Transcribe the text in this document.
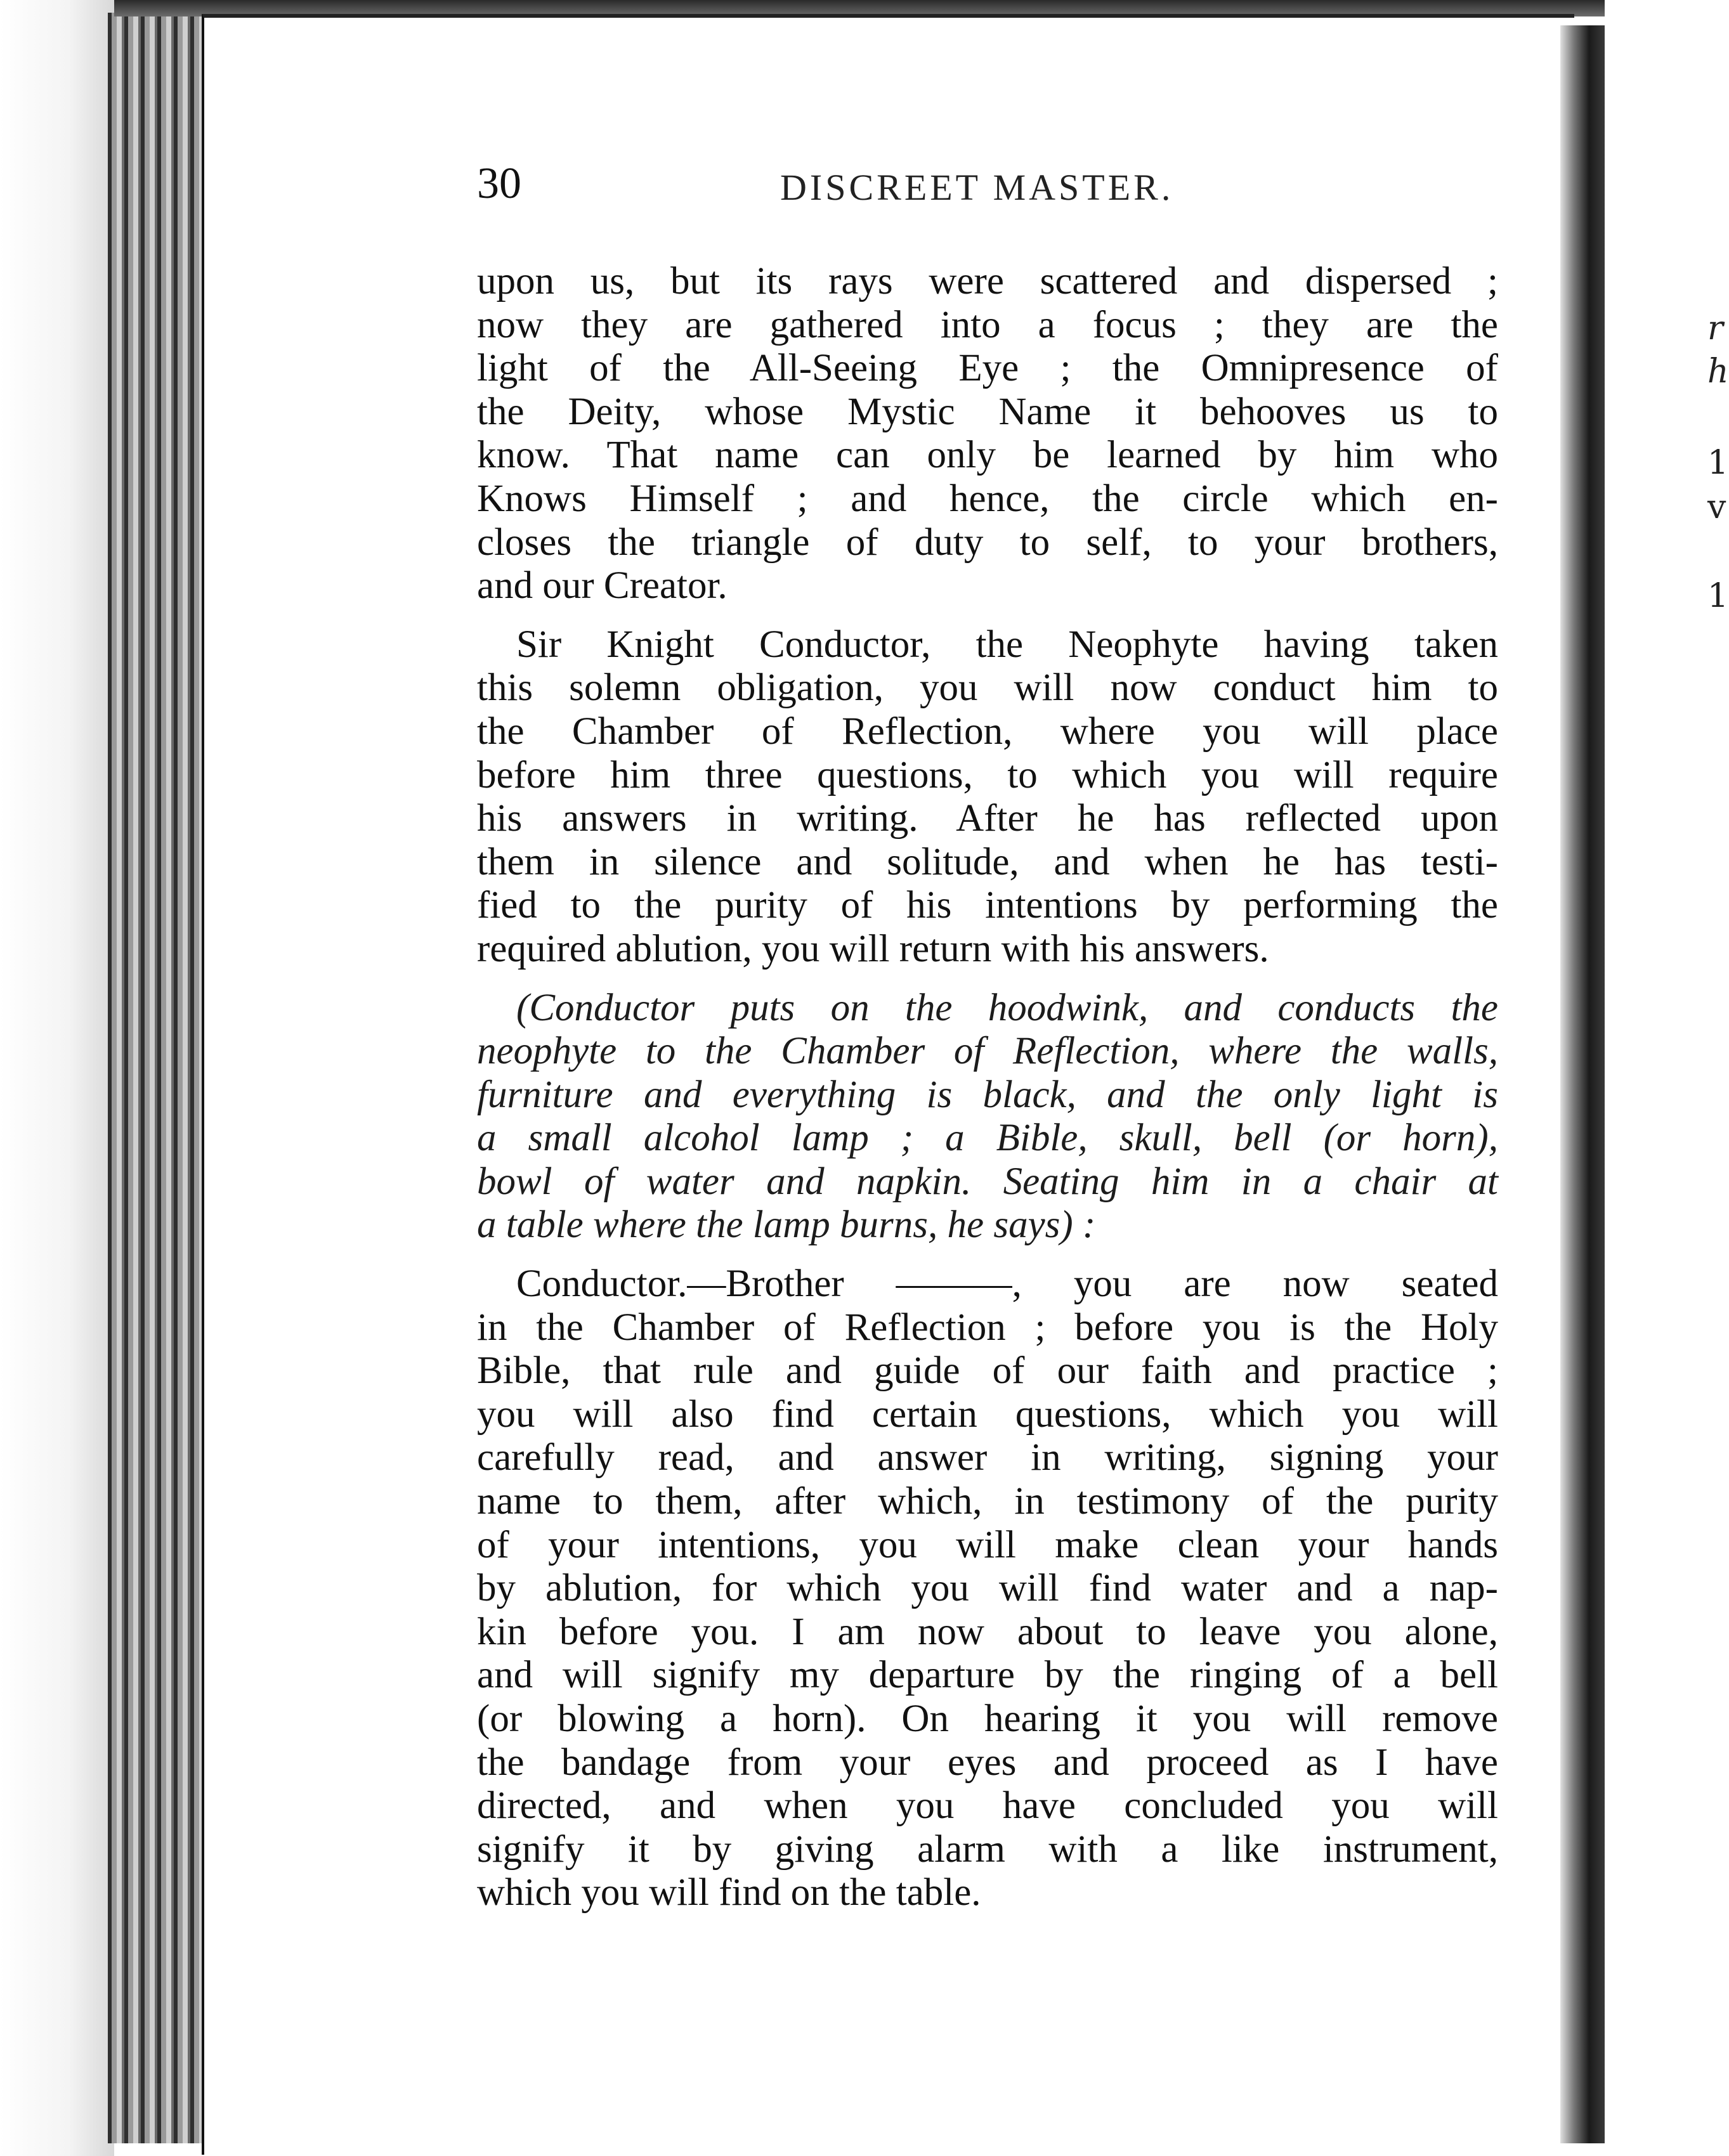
r
h
1
v
1
30	DISCREET MASTER.
upon us, but its rays were scattered and dispersed ;
now they are gathered into a focus ; they are the
light of the All-Seeing Eye ; the Omnipresence of
the Deity, whose Mystic Name it behooves us to
know. That name can only be learned by him who
Knows Himself ; and hence, the circle which en-
closes the triangle of duty to self, to your brothers,
and our Creator.
Sir Knight Conductor, the Neophyte having taken
this solemn obligation, you will now conduct him to
the Chamber of Reflection, where you will place
before him three questions, to which you will require
his answers in writing. After he has reflected upon
them in silence and solitude, and when he has testi-
fied to the purity of his intentions by performing the
required ablution, you will return with his answers.
(Conductor puts on the hoodwink, and conducts the
neophyte to the Chamber of Reflection, where the walls,
furniture and everything is black, and the only light is
a small alcohol lamp ; a Bible, skull, bell (or horn),
bowl of water and napkin. Seating him in a chair at
a table where the lamp burns, he says) :
Conductor.—Brother ———, you are now seated
in the Chamber of Reflection ; before you is the Holy
Bible, that rule and guide of our faith and practice ;
you will also find certain questions, which you will
carefully read, and answer in writing, signing your
name to them, after which, in testimony of the purity
of your intentions, you will make clean your hands
by ablution, for which you will find water and a nap-
kin before you. I am now about to leave you alone,
and will signify my departure by the ringing of a bell
(or blowing a horn). On hearing it you will remove
the bandage from your eyes and proceed as I have
directed, and when you have concluded you will
signify it by giving alarm with a like instrument,
which you will find on the table.
